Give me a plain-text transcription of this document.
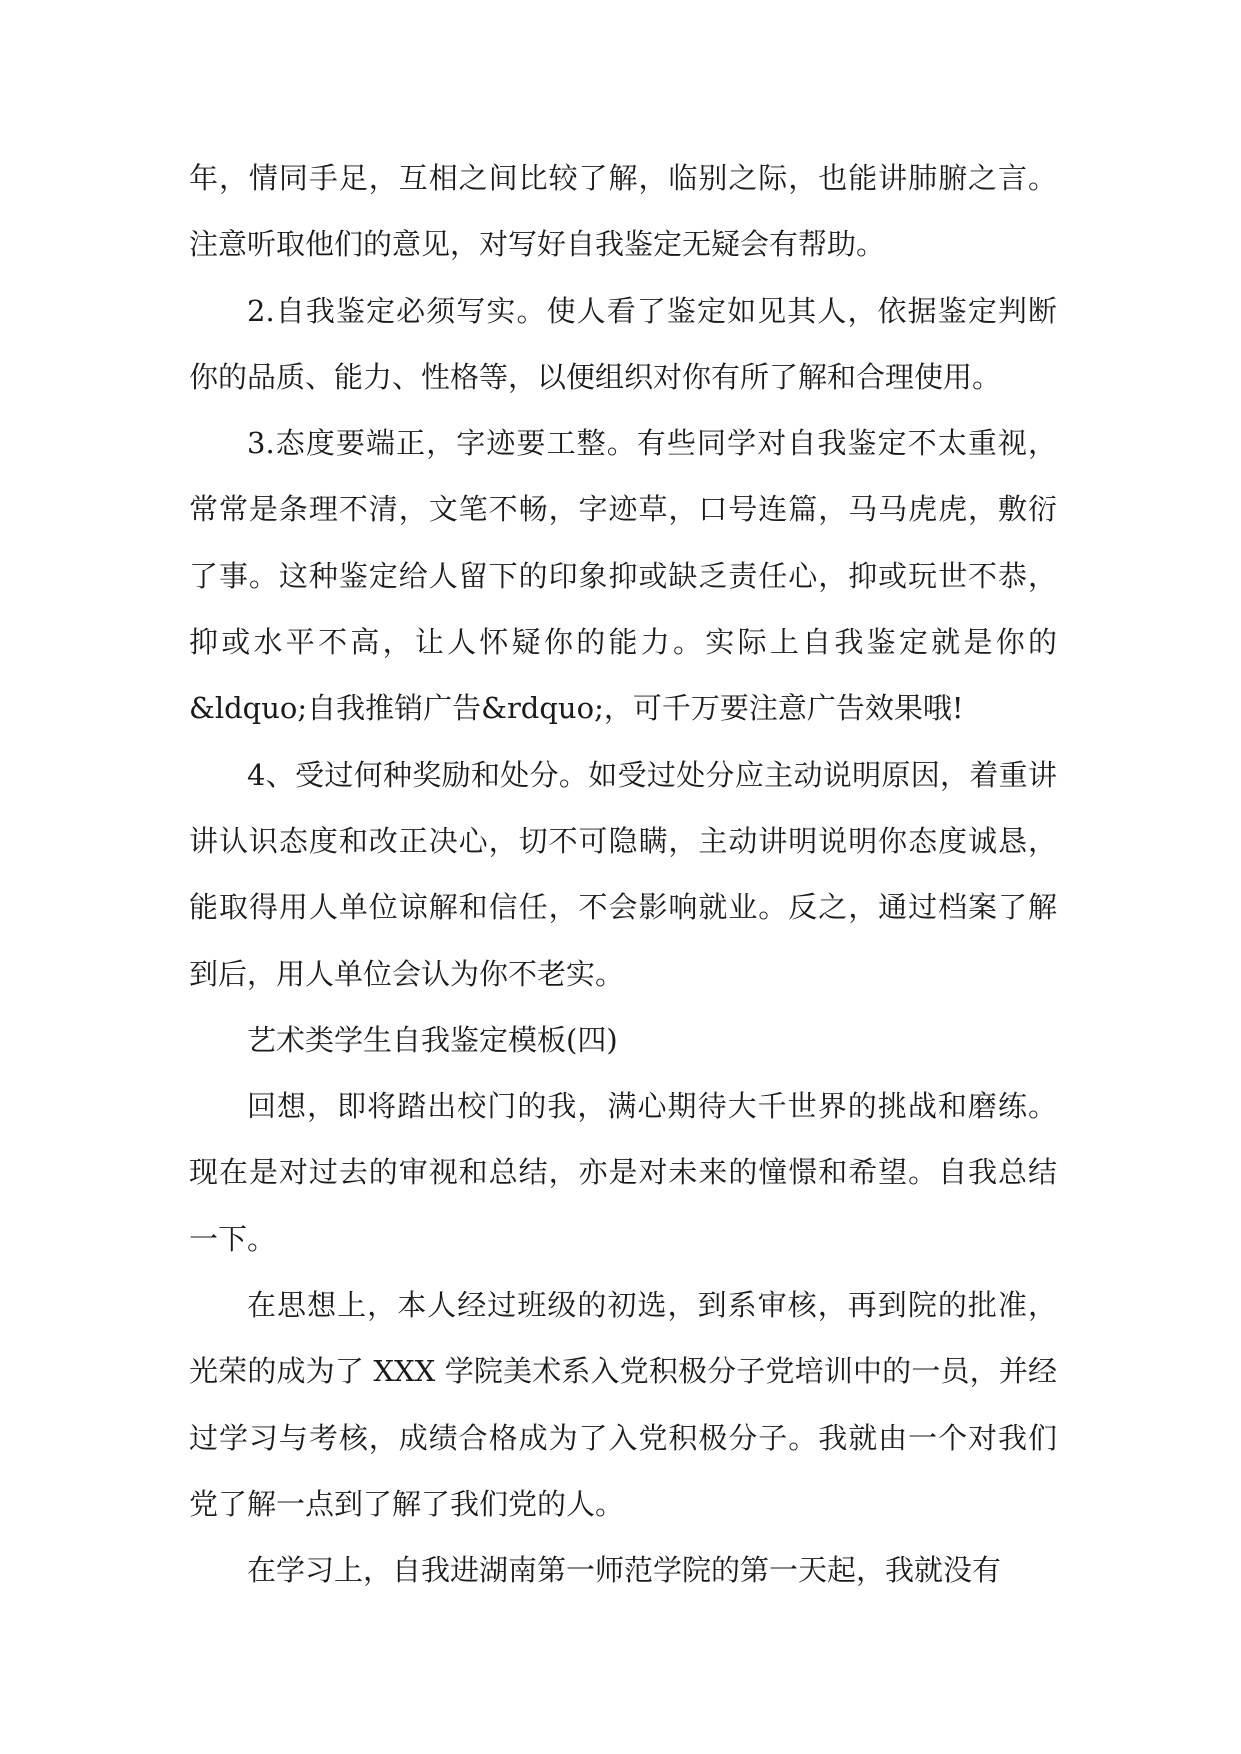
年，情同手足，互相之间比较了解，临别之际，也能讲肺腑之言。注意听取他们的意见，对写好自我鉴定无疑会有帮助。

2.自我鉴定必须写实。使人看了鉴定如见其人，依据鉴定判断你的品质、能力、性格等，以便组织对你有所了解和合理使用。

3.态度要端正，字迹要工整。有些同学对自我鉴定不太重视，常常是条理不清，文笔不畅，字迹草，口号连篇，马马虎虎，敷衍了事。这种鉴定给人留下的印象抑或缺乏责任心，抑或玩世不恭，抑或水平不高，让人怀疑你的能力。实际上自我鉴定就是你的&ldquo;自我推销广告&rdquo;，可千万要注意广告效果哦!

4、受过何种奖励和处分。如受过处分应主动说明原因，着重讲讲认识态度和改正决心，切不可隐瞒，主动讲明说明你态度诚恳，能取得用人单位谅解和信任，不会影响就业。反之，通过档案了解到后，用人单位会认为你不老实。

艺术类学生自我鉴定模板(四)

回想，即将踏出校门的我，满心期待大千世界的挑战和磨练。现在是对过去的审视和总结，亦是对未来的憧憬和希望。自我总结一下。

在思想上，本人经过班级的初选，到系审核，再到院的批准，光荣的成为了 XXX 学院美术系入党积极分子党培训中的一员，并经过学习与考核，成绩合格成为了入党积极分子。我就由一个对我们党了解一点到了解了我们党的人。

在学习上，自我进湖南第一师范学院的第一天起，我就没有
